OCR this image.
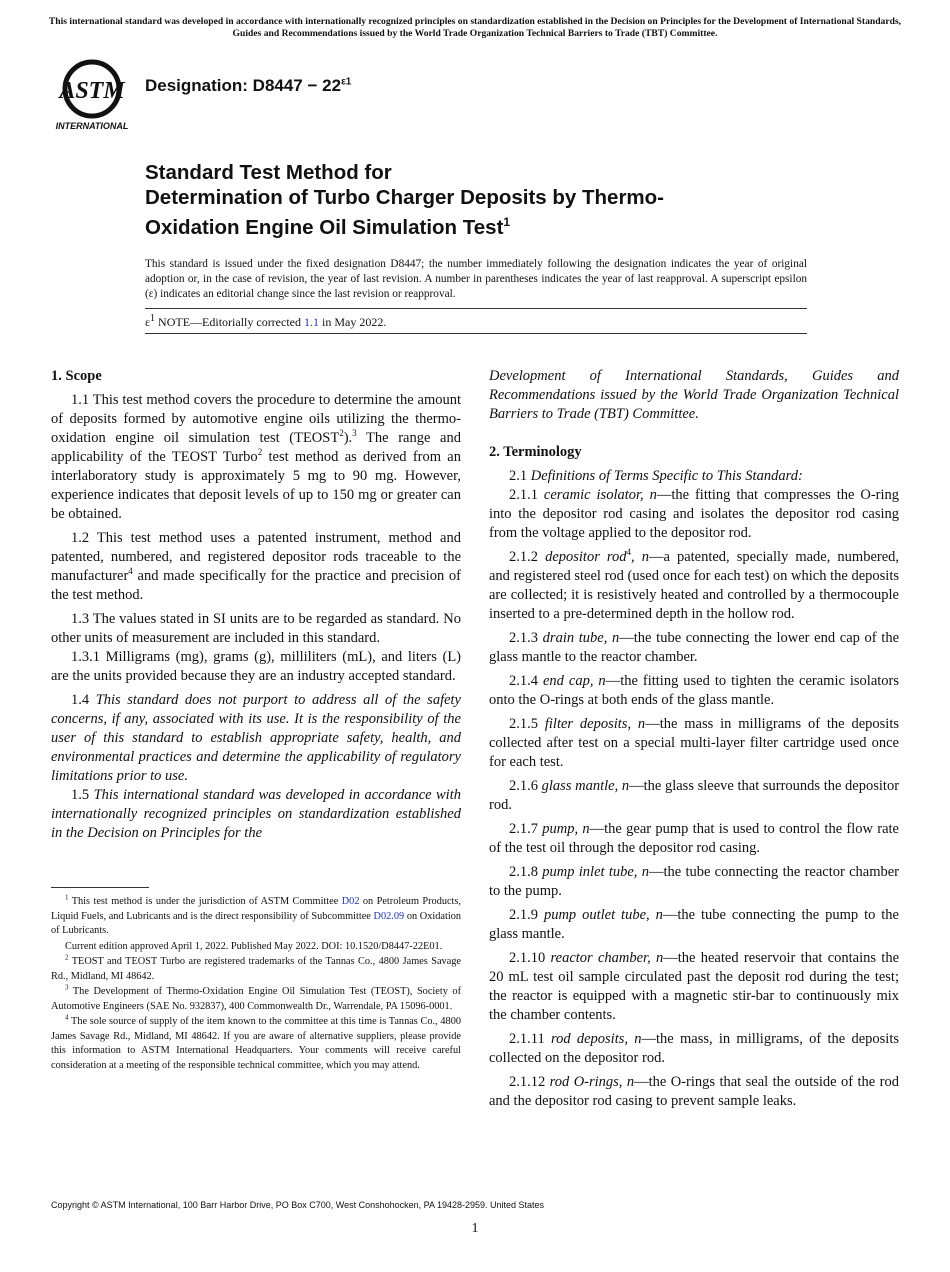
This international standard was developed in accordance with internationally recognized principles on standardization established in the Decision on Principles for the Development of International Standards, Guides and Recommendations issued by the World Trade Organization Technical Barriers to Trade (TBT) Committee.
ASTM
INTERNATIONAL
Designation: $D8447 - 22^{\varepsilon 1}$
Standard Test Method for
Determination of Turbo Charger Deposits by Thermo-
Oxidation Engine Oil Simulation Test$^1$
This standard is issued under the fixed designation D8447; the number immediately following the designation indicates the year of original adoption or, in the case of revision, the year of last revision. A number in parentheses indicates the year of last reapproval. A superscript epsilon (ε) indicates an editorial change since the last revision or reapproval.
$\varepsilon^1$ NOTE—Editorially corrected 1.1 in May 2022.

1. Scope

1.1 This test method covers the procedure to determine the amount of deposits formed by automotive engine oils utilizing the thermo-oxidation engine oil simulation test (TEOST$^2$).$^3$ The range and applicability of the TEOST Turbo$^2$ test method as derived from an interlaboratory study is approximately 5 mg to 90 mg. However, experience indicates that deposit levels of up to 150 mg or greater can be obtained.

1.2 This test method uses a patented instrument, method and patented, numbered, and registered depositor rods traceable to the manufacturer$^4$ and made specifically for the practice and precision of the test method.

1.3 The values stated in SI units are to be regarded as standard. No other units of measurement are included in this standard.

1.3.1 Milligrams (mg), grams (g), milliliters (mL), and liters (L) are the units provided because they are an industry accepted standard.

1.4 This standard does not purport to address all of the safety concerns, if any, associated with its use. It is the responsibility of the user of this standard to establish appropriate safety, health, and environmental practices and determine the applicability of regulatory limitations prior to use.

1.5 This international standard was developed in accordance with internationally recognized principles on standardization established in the Decision on Principles for the

$^1$ This test method is under the jurisdiction of ASTM Committee D02 on Petroleum Products, Liquid Fuels, and Lubricants and is the direct responsibility of Subcommittee D02.09 on Oxidation of Lubricants.
Current edition approved April 1, 2022. Published May 2022. DOI: 10.1520/D8447-22E01.
$^2$ TEOST and TEOST Turbo are registered trademarks of the Tannas Co., 4800 James Savage Rd., Midland, MI 48642.
$^3$ The Development of Thermo-Oxidation Engine Oil Simulation Test (TEOST), Society of Automotive Engineers (SAE No. 932837), 400 Commonwealth Dr., Warrendale, PA 15096-0001.
$^4$ The sole source of supply of the item known to the committee at this time is Tannas Co., 4800 James Savage Rd., Midland, MI 48642. If you are aware of alternative suppliers, please provide this information to ASTM International Headquarters. Your comments will receive careful consideration at a meeting of the responsible technical committee, which you may attend.

Development of International Standards, Guides and Recommendations issued by the World Trade Organization Technical Barriers to Trade (TBT) Committee.

2. Terminology

2.1 Definitions of Terms Specific to This Standard:

2.1.1 ceramic isolator, n—the fitting that compresses the O-ring into the depositor rod casing and isolates the depositor rod casing from the voltage applied to the depositor rod.

2.1.2 depositor rod$^4$, n—a patented, specially made, numbered, and registered steel rod (used once for each test) on which the deposits are collected; it is resistively heated and controlled by a thermocouple inserted to a pre-determined depth in the hollow rod.

2.1.3 drain tube, n—the tube connecting the lower end cap of the glass mantle to the reactor chamber.

2.1.4 end cap, n—the fitting used to tighten the ceramic isolators onto the O-rings at both ends of the glass mantle.

2.1.5 filter deposits, n—the mass in milligrams of the deposits collected after test on a special multi-layer filter cartridge used once for each test.

2.1.6 glass mantle, n—the glass sleeve that surrounds the depositor rod.

2.1.7 pump, n—the gear pump that is used to control the flow rate of the test oil through the depositor rod casing.

2.1.8 pump inlet tube, n—the tube connecting the reactor chamber to the pump.

2.1.9 pump outlet tube, n—the tube connecting the pump to the glass mantle.

2.1.10 reactor chamber, n—the heated reservoir that contains the 20 mL test oil sample circulated past the deposit rod during the test; the reactor is equipped with a magnetic stir-bar to continuously mix the chamber contents.

2.1.11 rod deposits, n—the mass, in milligrams, of the deposits collected on the depositor rod.

2.1.12 rod O-rings, n—the O-rings that seal the outside of the rod and the depositor rod casing to prevent sample leaks.

Copyright © ASTM International, 100 Barr Harbor Drive, PO Box C700, West Conshohocken, PA 19428-2959. United States
1
